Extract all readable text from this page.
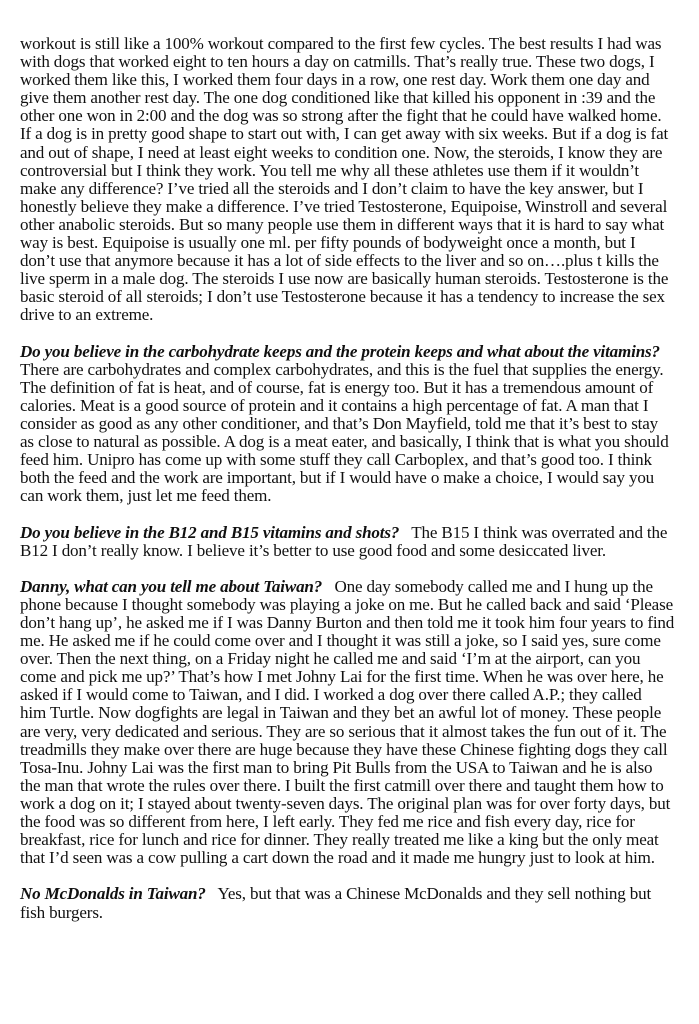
workout is still like a 100% workout compared to the first few cycles. The best results I had was
with dogs that worked eight to ten hours a day on catmills. That’s really true. These two dogs, I
worked them like this, I worked them four days in a row, one rest day. Work them one day and
give them another rest day. The one dog conditioned like that killed his opponent in :39 and the
other one won in 2:00 and the dog was so strong after the fight that he could have walked home.
If a dog is in pretty good shape to start out with, I can get away with six weeks. But if a dog is fat
and out of shape, I need at least eight weeks to condition one. Now, the steroids, I know they are
controversial but I think they work. You tell me why all these athletes use them if it wouldn’t
make any difference? I’ve tried all the steroids and I don’t claim to have the key answer, but I
honestly believe they make a difference. I’ve tried Testosterone, Equipoise, Winstroll and several
other anabolic steroids. But so many people use them in different ways that it is hard to say what
way is best. Equipoise is usually one ml. per fifty pounds of bodyweight once a month, but I
don’t use that anymore because it has a lot of side effects to the liver and so on….plus t kills the
live sperm in a male dog. The steroids I use now are basically human steroids. Testosterone is the
basic steroid of all steroids; I don’t use Testosterone because it has a tendency to increase the sex
drive to an extreme.
Do you believe in the carbohydrate keeps and the protein keeps and what about the vitamins?
There are carbohydrates and complex carbohydrates, and this is the fuel that supplies the energy.
The definition of fat is heat, and of course, fat is energy too. But it has a tremendous amount of
calories. Meat is a good source of protein and it contains a high percentage of fat. A man that I
consider as good as any other conditioner, and that’s Don Mayfield, told me that it’s best to stay
as close to natural as possible. A dog is a meat eater, and basically, I think that is what you should
feed him. Unipro has come up with some stuff they call Carboplex, and that’s good too. I think
both the feed and the work are important, but if I would have o make a choice, I would say you
can work them, just let me feed them.
Do you believe in the B12 and B15 vitamins and shots?   The B15 I think was overrated and the
B12 I don’t really know. I believe it’s better to use good food and some desiccated liver.
Danny, what can you tell me about Taiwan?   One day somebody called me and I hung up the
phone because I thought somebody was playing a joke on me. But he called back and said ‘Please
don’t hang up’, he asked me if I was Danny Burton and then told me it took him four years to find
me. He asked me if he could come over and I thought it was still a joke, so I said yes, sure come
over. Then the next thing, on a Friday night he called me and said ‘I’m at the airport, can you
come and pick me up?’ That’s how I met Johny Lai for the first time. When he was over here, he
asked if I would come to Taiwan, and I did. I worked a dog over there called A.P.; they called
him Turtle. Now dogfights are legal in Taiwan and they bet an awful lot of money. These people
are very, very dedicated and serious. They are so serious that it almost takes the fun out of it. The
treadmills they make over there are huge because they have these Chinese fighting dogs they call
Tosa-Inu. Johny Lai was the first man to bring Pit Bulls from the USA to Taiwan and he is also
the man that wrote the rules over there. I built the first catmill over there and taught them how to
work a dog on it; I stayed about twenty-seven days. The original plan was for over forty days, but
the food was so different from here, I left early. They fed me rice and fish every day, rice for
breakfast, rice for lunch and rice for dinner. They really treated me like a king but the only meat
that I’d seen was a cow pulling a cart down the road and it made me hungry just to look at him.
No McDonalds in Taiwan?   Yes, but that was a Chinese McDonalds and they sell nothing but
fish burgers.
